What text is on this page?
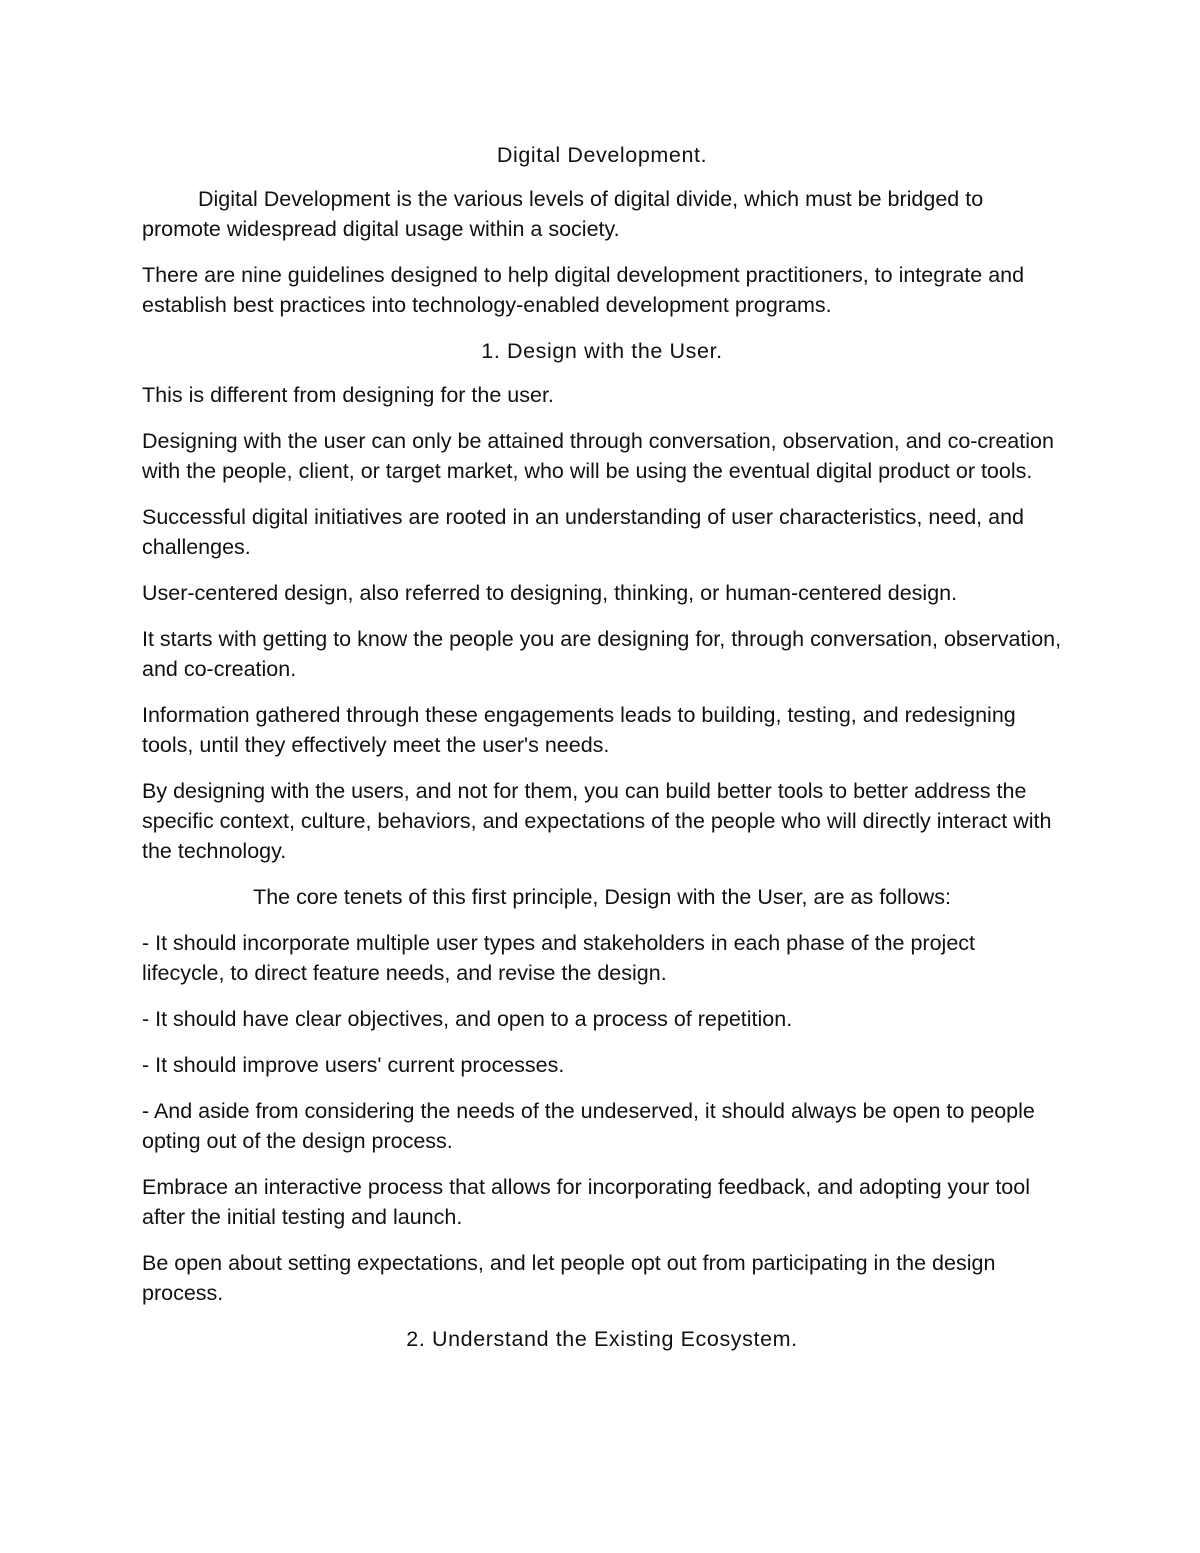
Digital Development.

Digital Development is the various levels of digital divide, which must be bridged to promote widespread digital usage within a society.

There are nine guidelines designed to help digital development practitioners, to integrate and establish best practices into technology-enabled development programs.

1. Design with the User.

This is different from designing for the user.

Designing with the user can only be attained through conversation, observation, and co-creation with the people, client, or target market, who will be using the eventual digital product or tools.

Successful digital initiatives are rooted in an understanding of user characteristics, need, and challenges.

User-centered design, also referred to designing, thinking, or human-centered design.

It starts with getting to know the people you are designing for, through conversation, observation, and co-creation.

Information gathered through these engagements leads to building, testing, and redesigning tools, until they effectively meet the user's needs.

By designing with the users, and not for them, you can build better tools to better address the specific context, culture, behaviors, and expectations of the people who will directly interact with the technology.

The core tenets of this first principle, Design with the User, are as follows:

- It should incorporate multiple user types and stakeholders in each phase of the project lifecycle, to direct feature needs, and revise the design.

- It should have clear objectives, and open to a process of repetition.

- It should improve users' current processes.

- And aside from considering the needs of the undeserved, it should always be open to people opting out of the design process.

Embrace an interactive process that allows for incorporating feedback, and adopting your tool after the initial testing and launch.

Be open about setting expectations, and let people opt out from participating in the design process.

2. Understand the Existing Ecosystem.
